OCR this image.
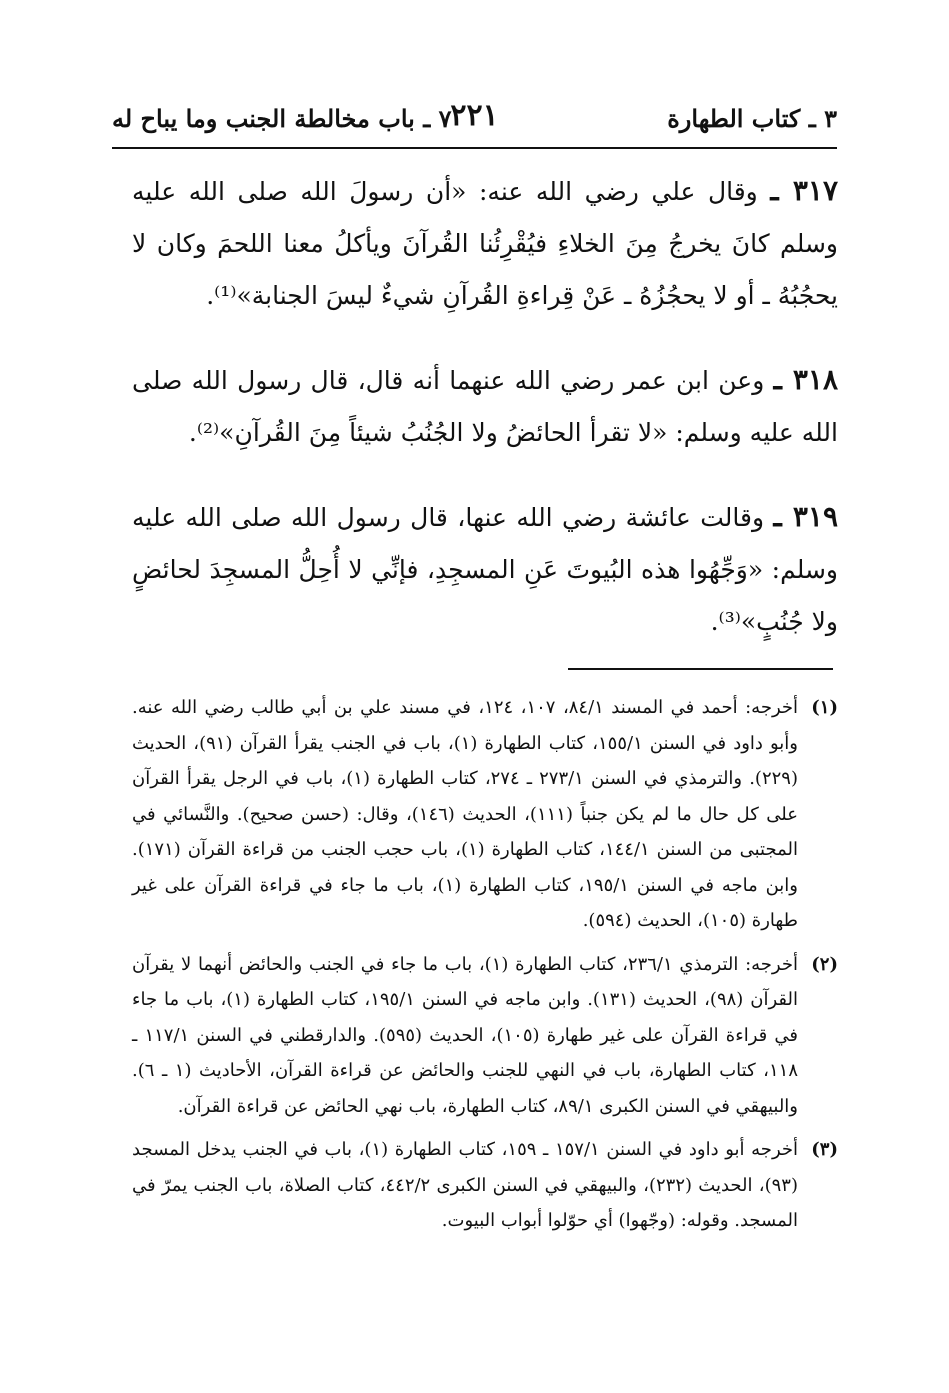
٣ ـ كتاب الطهارة
٢٢١
٧ ـ باب مخالطة الجنب وما يباح له

٣١٧ ـ وقال علي رضي الله عنه: «أن رسولَ الله صلى الله عليه وسلم كانَ يخرجُ مِنَ الخلاءِ فيُقْرِئُنا القُرآنَ ويأكلُ معنا اللحمَ وكان لا يحجُبُهُ ـ أو لا يحجُزُهُ ـ عَنْ قِراءةِ القُرآنِ شيءٌ ليسَ الجنابة»⁽¹⁾.

٣١٨ ـ وعن ابن عمر رضي الله عنهما أنه قال، قال رسول الله صلى الله عليه وسلم: «لا تقرأ الحائضُ ولا الجُنُبُ شيئاً مِنَ القُرآنِ»⁽²⁾.

٣١٩ ـ وقالت عائشة رضي الله عنها، قال رسول الله صلى الله عليه وسلم: «وَجِّهُوا هذه البُيوتَ عَنِ المسجِدِ، فإنِّي لا أُحِلُّ المسجِدَ لحائضٍ ولا جُنُبٍ»⁽³⁾.

(١)
أخرجه: أحمد في المسند ٨٤/١، ١٠٧، ١٢٤، في مسند علي بن أبي طالب رضي الله عنه. وأبو داود في السنن ١٥٥/١، كتاب الطهارة (١)، باب في الجنب يقرأ القرآن (٩١)، الحديث (٢٢٩). والترمذي في السنن ٢٧٣/١ ـ ٢٧٤، كتاب الطهارة (١)، باب في الرجل يقرأ القرآن على كل حال ما لم يكن جنباً (١١١)، الحديث (١٤٦)، وقال: (حسن صحيح). والنَّسائي في المجتبى من السنن ١٤٤/١، كتاب الطهارة (١)، باب حجب الجنب من قراءة القرآن (١٧١). وابن ماجه في السنن ١٩٥/١، كتاب الطهارة (١)، باب ما جاء في قراءة القرآن على غير طهارة (١٠٥)، الحديث (٥٩٤).
(٢)
أخرجه: الترمذي ٢٣٦/١، كتاب الطهارة (١)، باب ما جاء في الجنب والحائض أنهما لا يقرآن القرآن (٩٨)، الحديث (١٣١). وابن ماجه في السنن ١٩٥/١، كتاب الطهارة (١)، باب ما جاء في قراءة القرآن على غير طهارة (١٠٥)، الحديث (٥٩٥). والدارقطني في السنن ١١٧/١ ـ ١١٨، كتاب الطهارة، باب في النهي للجنب والحائض عن قراءة القرآن، الأحاديث (١ ـ ٦). والبيهقي في السنن الكبرى ٨٩/١، كتاب الطهارة، باب نهي الحائض عن قراءة القرآن.
(٣)
أخرجه أبو داود في السنن ١٥٧/١ ـ ١٥٩، كتاب الطهارة (١)، باب في الجنب يدخل المسجد (٩٣)، الحديث (٢٣٢)، والبيهقي في السنن الكبرى ٤٤٢/٢، كتاب الصلاة، باب الجنب يمرّ في المسجد. وقوله: (وجّهوا) أي حوّلوا أبواب البيوت.
